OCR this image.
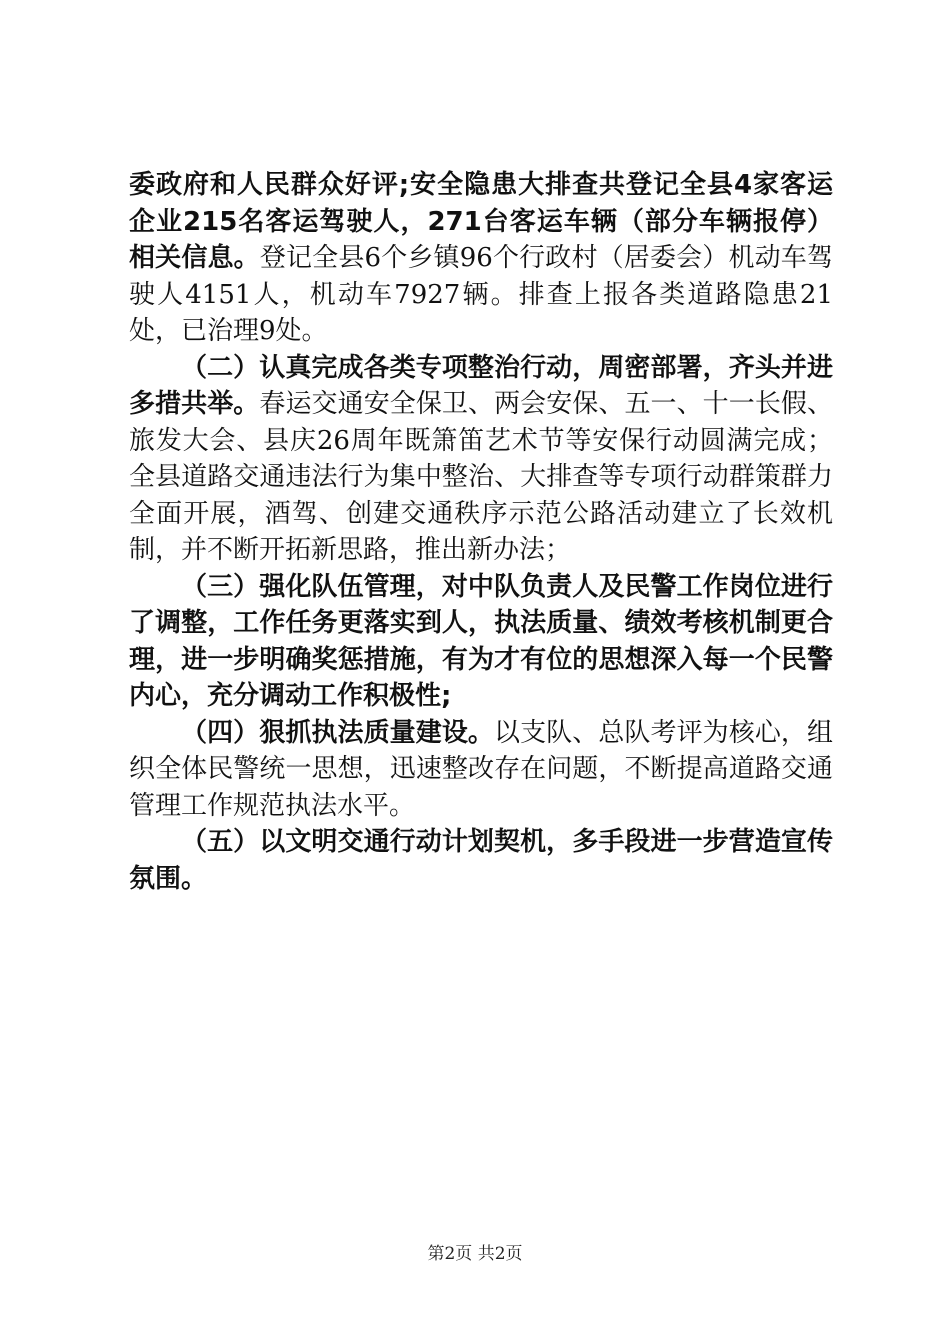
委政府和人民群众好评;安全隐患大排查共登记全县4家客运企业215名客运驾驶人，271台客运车辆（部分车辆报停）相关信息。登记全县6个乡镇96个行政村（居委会）机动车驾驶人4151人，机动车7927辆。排查上报各类道路隐患21处，已治理9处。

（二）认真完成各类专项整治行动，周密部署，齐头并进多措共举。春运交通安全保卫、两会安保、五一、十一长假、旅发大会、县庆26周年既箫笛艺术节等安保行动圆满完成；全县道路交通违法行为集中整治、大排查等专项行动群策群力全面开展，酒驾、创建交通秩序示范公路活动建立了长效机制，并不断开拓新思路，推出新办法；

（三）强化队伍管理，对中队负责人及民警工作岗位进行了调整，工作任务更落实到人，执法质量、绩效考核机制更合理，进一步明确奖惩措施，有为才有位的思想深入每一个民警内心，充分调动工作积极性;

（四）狠抓执法质量建设。以支队、总队考评为核心，组织全体民警统一思想，迅速整改存在问题，不断提高道路交通管理工作规范执法水平。

（五）以文明交通行动计划契机，多手段进一步营造宣传氛围。

第2页 共2页
